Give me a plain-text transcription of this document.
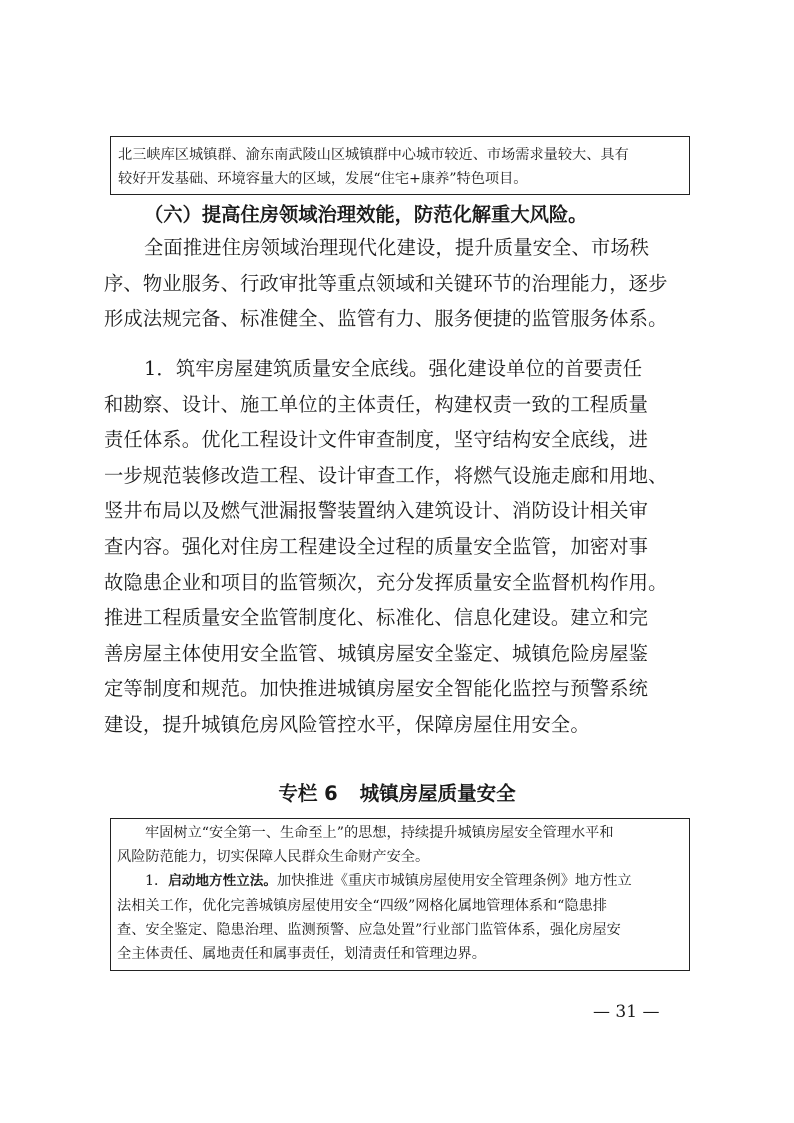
北三峡库区城镇群、渝东南武陵山区城镇群中心城市较近、市场需求量较大、具有

较好开发基础、环境容量大的区域，发展“住宅+康养”特色项目。

（六）提高住房领域治理效能，防范化解重大风险。

全面推进住房领域治理现代化建设，提升质量安全、市场秩

序、物业服务、行政审批等重点领域和关键环节的治理能力，逐步

形成法规完备、标准健全、监管有力、服务便捷的监管服务体系。

1．筑牢房屋建筑质量安全底线。强化建设单位的首要责任

和勘察、设计、施工单位的主体责任，构建权责一致的工程质量

责任体系。优化工程设计文件审查制度，坚守结构安全底线，进

一步规范装修改造工程、设计审查工作，将燃气设施走廊和用地、

竖井布局以及燃气泄漏报警装置纳入建筑设计、消防设计相关审

查内容。强化对住房工程建设全过程的质量安全监管，加密对事

故隐患企业和项目的监管频次，充分发挥质量安全监督机构作用。

推进工程质量安全监管制度化、标准化、信息化建设。建立和完

善房屋主体使用安全监管、城镇房屋安全鉴定、城镇危险房屋鉴

定等制度和规范。加快推进城镇房屋安全智能化监控与预警系统

建设，提升城镇危房风险管控水平，保障房屋住用安全。

专栏 6 城镇房屋质量安全

牢固树立“安全第一、生命至上”的思想，持续提升城镇房屋安全管理水平和

风险防范能力，切实保障人民群众生命财产安全。

1．启动地方性立法。加快推进《重庆市城镇房屋使用安全管理条例》地方性立

法相关工作，优化完善城镇房屋使用安全“四级”网格化属地管理体系和“隐患排

查、安全鉴定、隐患治理、监测预警、应急处置”行业部门监管体系，强化房屋安

全主体责任、属地责任和属事责任，划清责任和管理边界。

— 31 —
